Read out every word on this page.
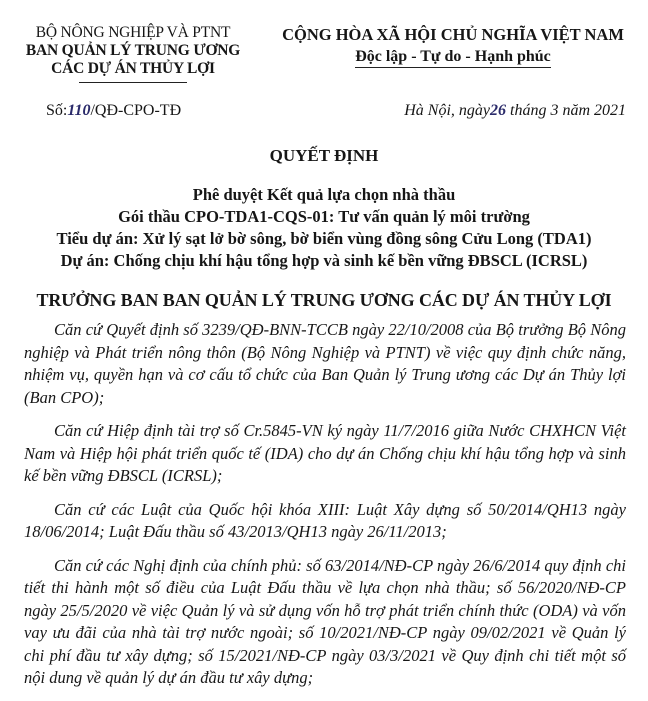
BỘ NÔNG NGHIỆP VÀ PTNT
BAN QUẢN LÝ TRUNG ƯƠNG
CÁC DỰ ÁN THỦY LỢI
CỘNG HÒA XÃ HỘI CHỦ NGHĨA VIỆT NAM
Độc lập - Tự do - Hạnh phúc
Số:110/QĐ-CPO-TĐ	Hà Nội, ngày26 tháng 3 năm 2021
QUYẾT ĐỊNH
Phê duyệt Kết quả lựa chọn nhà thầu
Gói thầu CPO-TDA1-CQS-01: Tư vấn quản lý môi trường
Tiểu dự án: Xử lý sạt lở bờ sông, bờ biển vùng đồng sông Cửu Long (TDA1)
Dự án: Chống chịu khí hậu tổng hợp và sinh kế bền vững ĐBSCL (ICRSL)
TRƯỞNG BAN BAN QUẢN LÝ TRUNG ƯƠNG CÁC DỰ ÁN THỦY LỢI

Căn cứ Quyết định số 3239/QĐ-BNN-TCCB ngày 22/10/2008 của Bộ trưởng Bộ Nông nghiệp và Phát triển nông thôn (Bộ Nông Nghiệp và PTNT) về việc quy định chức năng, nhiệm vụ, quyền hạn và cơ cấu tổ chức của Ban Quản lý Trung ương các Dự án Thủy lợi (Ban CPO);

Căn cứ Hiệp định tài trợ số Cr.5845-VN ký ngày 11/7/2016 giữa Nước CHXHCN Việt Nam và Hiệp hội phát triển quốc tế (IDA) cho dự án Chống chịu khí hậu tổng hợp và sinh kế bền vững ĐBSCL (ICRSL);

Căn cứ các Luật của Quốc hội khóa XIII: Luật Xây dựng số 50/2014/QH13 ngày 18/06/2014; Luật Đấu thầu số 43/2013/QH13 ngày 26/11/2013;

Căn cứ các Nghị định của chính phủ: số 63/2014/NĐ-CP ngày 26/6/2014 quy định chi tiết thi hành một số điều của Luật Đấu thầu về lựa chọn nhà thầu; số 56/2020/NĐ-CP ngày 25/5/2020 về việc Quản lý và sử dụng vốn hỗ trợ phát triển chính thức (ODA) và vốn vay ưu đãi của nhà tài trợ nước ngoài; số 10/2021/NĐ-CP ngày 09/02/2021 về Quản lý chi phí đầu tư xây dựng; số 15/2021/NĐ-CP ngày 03/3/2021 về Quy định chi tiết một số nội dung về quản lý dự án đầu tư xây dựng;
